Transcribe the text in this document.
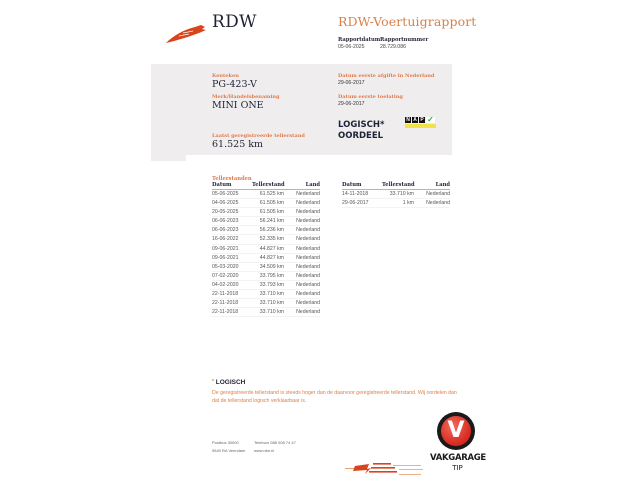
RDW	RDW-Voertuigrapport
Rapportdatum
05-06-2025
Rapportnummer
28.729.086
Kenteken
PG-423-V
Merk/Handelsbenaming
MINI ONE
Laatst geregistreerde tellerstand
61.525 km
Datum eerste afgifte in Nederland
29-06-2017
Datum eerste toelating
29-06-2017
LOGISCH*
OORDEEL
N A P ✓
Tellerstanden
Datum	Tellerstand	Land
05-06-2025	61.525 km	Nederland
04-06-2025	61.505 km	Nederland
20-05-2025	61.505 km	Nederland
06-06-2023	56.241 km	Nederland
06-06-2023	56.236 km	Nederland
16-06-2022	52.335 km	Nederland
09-06-2021	44.827 km	Nederland
09-06-2021	44.827 km	Nederland
05-03-2020	34.509 km	Nederland
07-02-2020	33.795 km	Nederland
04-02-2020	33.793 km	Nederland
22-11-2018	33.710 km	Nederland
22-11-2018	33.710 km	Nederland
22-11-2018	33.710 km	Nederland
Datum	Tellerstand	Land
14-11-2018	33.710 km	Nederland
29-06-2017	1 km	Nederland
* LOGISCH
De geregistreerde tellerstand is steeds hoger dan de daarvoor geregistreerde tellerstand. Wij oordelen dan dat de tellerstand logisch verklaarbaar is.
Postbus 30000
9640 RA Veendam
Telefoon 088 008 74 47
www.rdw.nl
V
VAKGARAGE
TIP
